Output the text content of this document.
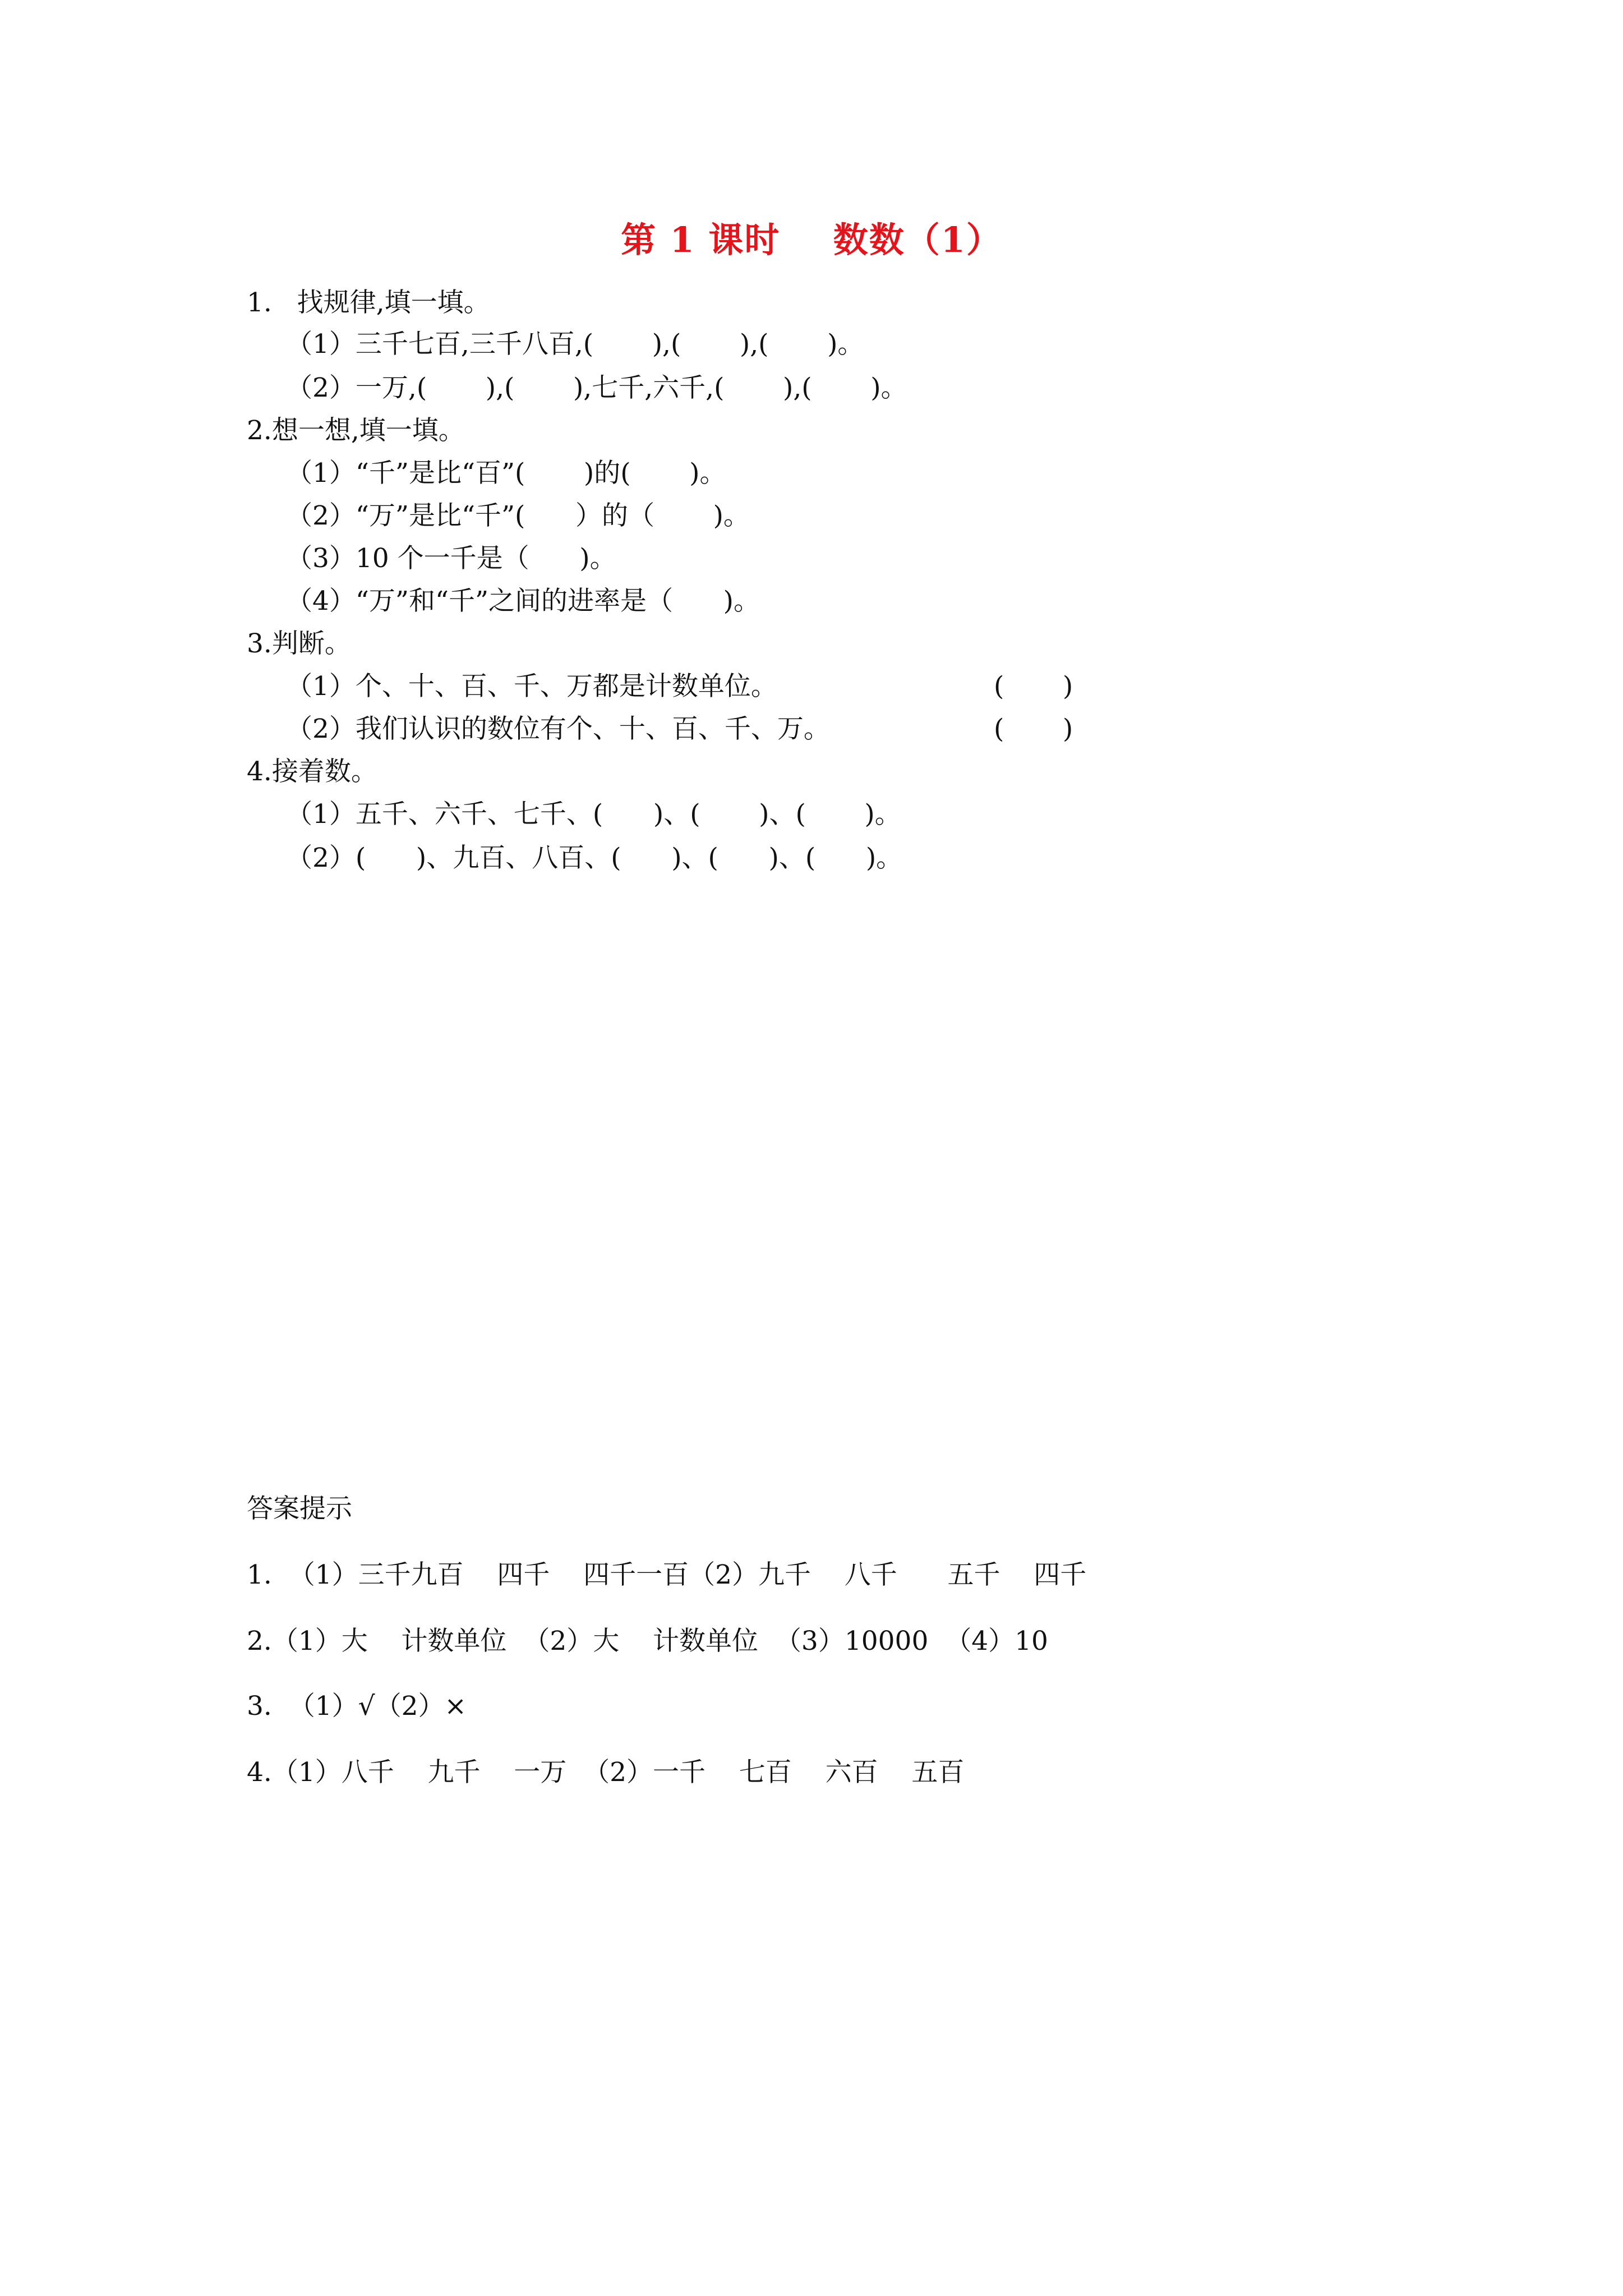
第 1 课时    数数（1）
1.   找规律,填一填。
（1）三千七百,三千八百,(       ),(       ),(       )。
（2）一万,(       ),(       ),七千,六千,(       ),(       )。
2.想一想,填一填。
（1）“千”是比“百”(       )的(       )。
（2）“万”是比“千”(      ）的（       )。
（3）10 个一千是（      )。
（4）“万”和“千”之间的进率是（      )。
3.判断。
（1）个、十、百、千、万都是计数单位。	(       )
（2）我们认识的数位有个、十、百、千、万。	(       )
4.接着数。
（1）五千、六千、七千、(      )、(       )、(       )。
（2）(      )、九百、八百、(      )、(      )、(      )。
答案提示
1.  （1）三千九百    四千    四千一百（2）九千    八千      五千    四千
2.（1）大    计数单位  （2）大    计数单位  （3）10000  （4）10
3.  （1）√（2）×
4.（1）八千    九千    一万  （2）一千    七百    六百    五百
